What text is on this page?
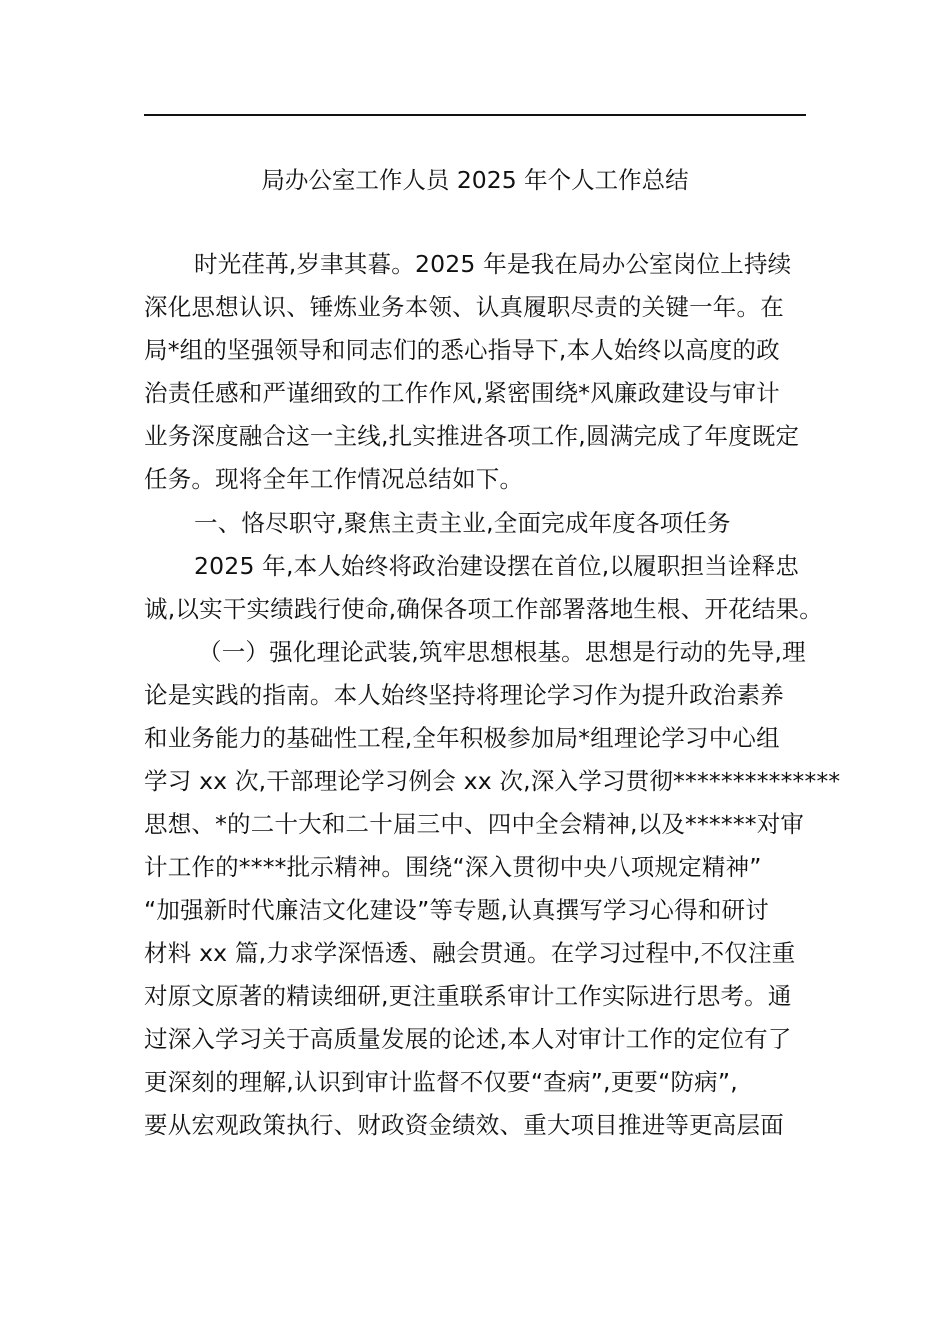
局办公室工作人员 2025 年个人工作总结
时光荏苒,岁聿其暮。2025 年是我在局办公室岗位上持续
深化思想认识、锤炼业务本领、认真履职尽责的关键一年。在
局*组的坚强领导和同志们的悉心指导下,本人始终以高度的政
治责任感和严谨细致的工作作风,紧密围绕*风廉政建设与审计
业务深度融合这一主线,扎实推进各项工作,圆满完成了年度既定
任务。现将全年工作情况总结如下。
一、恪尽职守,聚焦主责主业,全面完成年度各项任务
2025 年,本人始终将政治建设摆在首位,以履职担当诠释忠
诚,以实干实绩践行使命,确保各项工作部署落地生根、开花结果。
（一）强化理论武装,筑牢思想根基。思想是行动的先导,理
论是实践的指南。本人始终坚持将理论学习作为提升政治素养
和业务能力的基础性工程,全年积极参加局*组理论学习中心组
学习 xx 次,干部理论学习例会 xx 次,深入学习贯彻**************
思想、*的二十大和二十届三中、四中全会精神,以及******对审
计工作的****批示精神。围绕“深入贯彻中央八项规定精神”
“加强新时代廉洁文化建设”等专题,认真撰写学习心得和研讨
材料 xx 篇,力求学深悟透、融会贯通。在学习过程中,不仅注重
对原文原著的精读细研,更注重联系审计工作实际进行思考。通
过深入学习关于高质量发展的论述,本人对审计工作的定位有了
更深刻的理解,认识到审计监督不仅要“查病”,更要“防病”,
要从宏观政策执行、财政资金绩效、重大项目推进等更高层面
